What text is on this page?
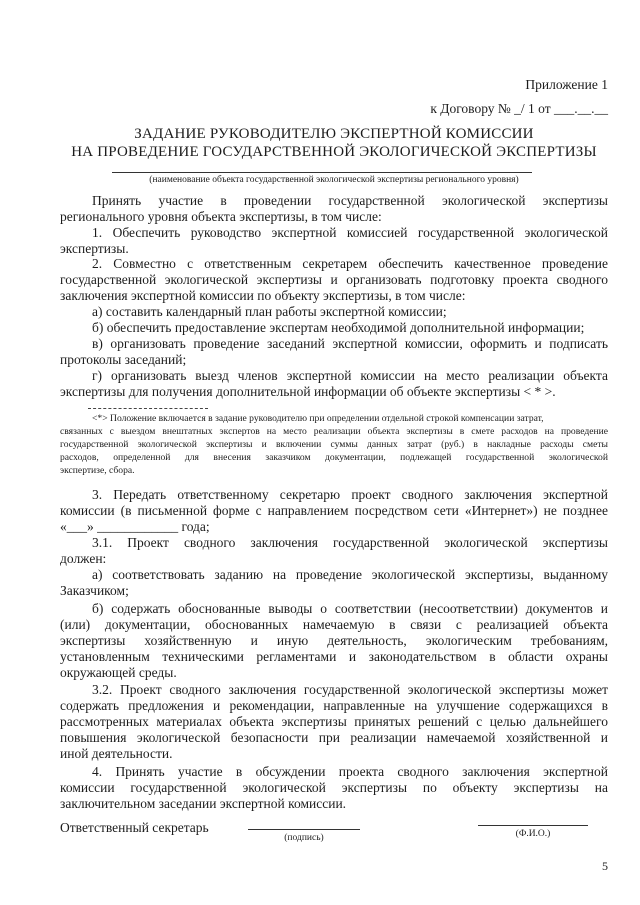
Приложение 1
к Договору № _/ 1 от ___.__.__
ЗАДАНИЕ РУКОВОДИТЕЛЮ ЭКСПЕРТНОЙ КОМИССИИ
НА ПРОВЕДЕНИЕ ГОСУДАРСТВЕННОЙ ЭКОЛОГИЧЕСКОЙ ЭКСПЕРТИЗЫ
(наименование объекта государственной экологической экспертизы регионального уровня)
Принять участие в проведении государственной экологической экспертизы
регионального уровня объекта экспертизы, в том числе:
1. Обеспечить руководство экспертной комиссией государственной экологической
экспертизы.
2. Совместно с ответственным секретарем обеспечить качественное проведение
государственной экологической экспертизы и организовать подготовку проекта сводного
заключения экспертной комиссии по объекту экспертизы, в том числе:
а) составить календарный план работы экспертной комиссии;
б) обеспечить предоставление экспертам необходимой дополнительной информации;
в) организовать проведение заседаний экспертной комиссии, оформить и подписать
протоколы заседаний;
г) организовать выезд членов экспертной комиссии на место реализации объекта
экспертизы для получения дополнительной информации об объекте экспертизы < * >.
<*> Положение включается в задание руководителю при определении отдельной строкой компенсации затрат,
связанных с выездом внештатных экспертов на место реализации объекта экспертизы в смете расходов на проведение
государственной экологической экспертизы и включении суммы данных затрат (руб.) в накладные расходы сметы
расходов, определенной для внесения заказчиком документации, подлежащей государственной экологической
экспертизе, сбора.
3. Передать ответственному секретарю проект сводного заключения экспертной
комиссии (в письменной форме с направлением посредством сети «Интернет») не позднее
«___» ____________ года;
3.1. Проект сводного заключения государственной экологической экспертизы
должен:
а) соответствовать заданию на проведение экологической экспертизы, выданному
Заказчиком;
б) содержать обоснованные выводы о соответствии (несоответствии) документов и
(или) документации, обоснованных намечаемую в связи с реализацией объекта
экспертизы хозяйственную и иную деятельность, экологическим требованиям,
установленным техническими регламентами и законодательством в области охраны
окружающей среды.
3.2. Проект сводного заключения государственной экологической экспертизы может
содержать предложения и рекомендации, направленные на улучшение содержащихся в
рассмотренных материалах объекта экспертизы принятых решений с целью дальнейшего
повышения экологической безопасности при реализации намечаемой хозяйственной и
иной деятельности.
4. Принять участие в обсуждении проекта сводного заключения экспертной
комиссии государственной экологической экспертизы по объекту экспертизы на
заключительном заседании экспертной комиссии.
Ответственный секретарь
(подпись)	(Ф.И.О.)
5
